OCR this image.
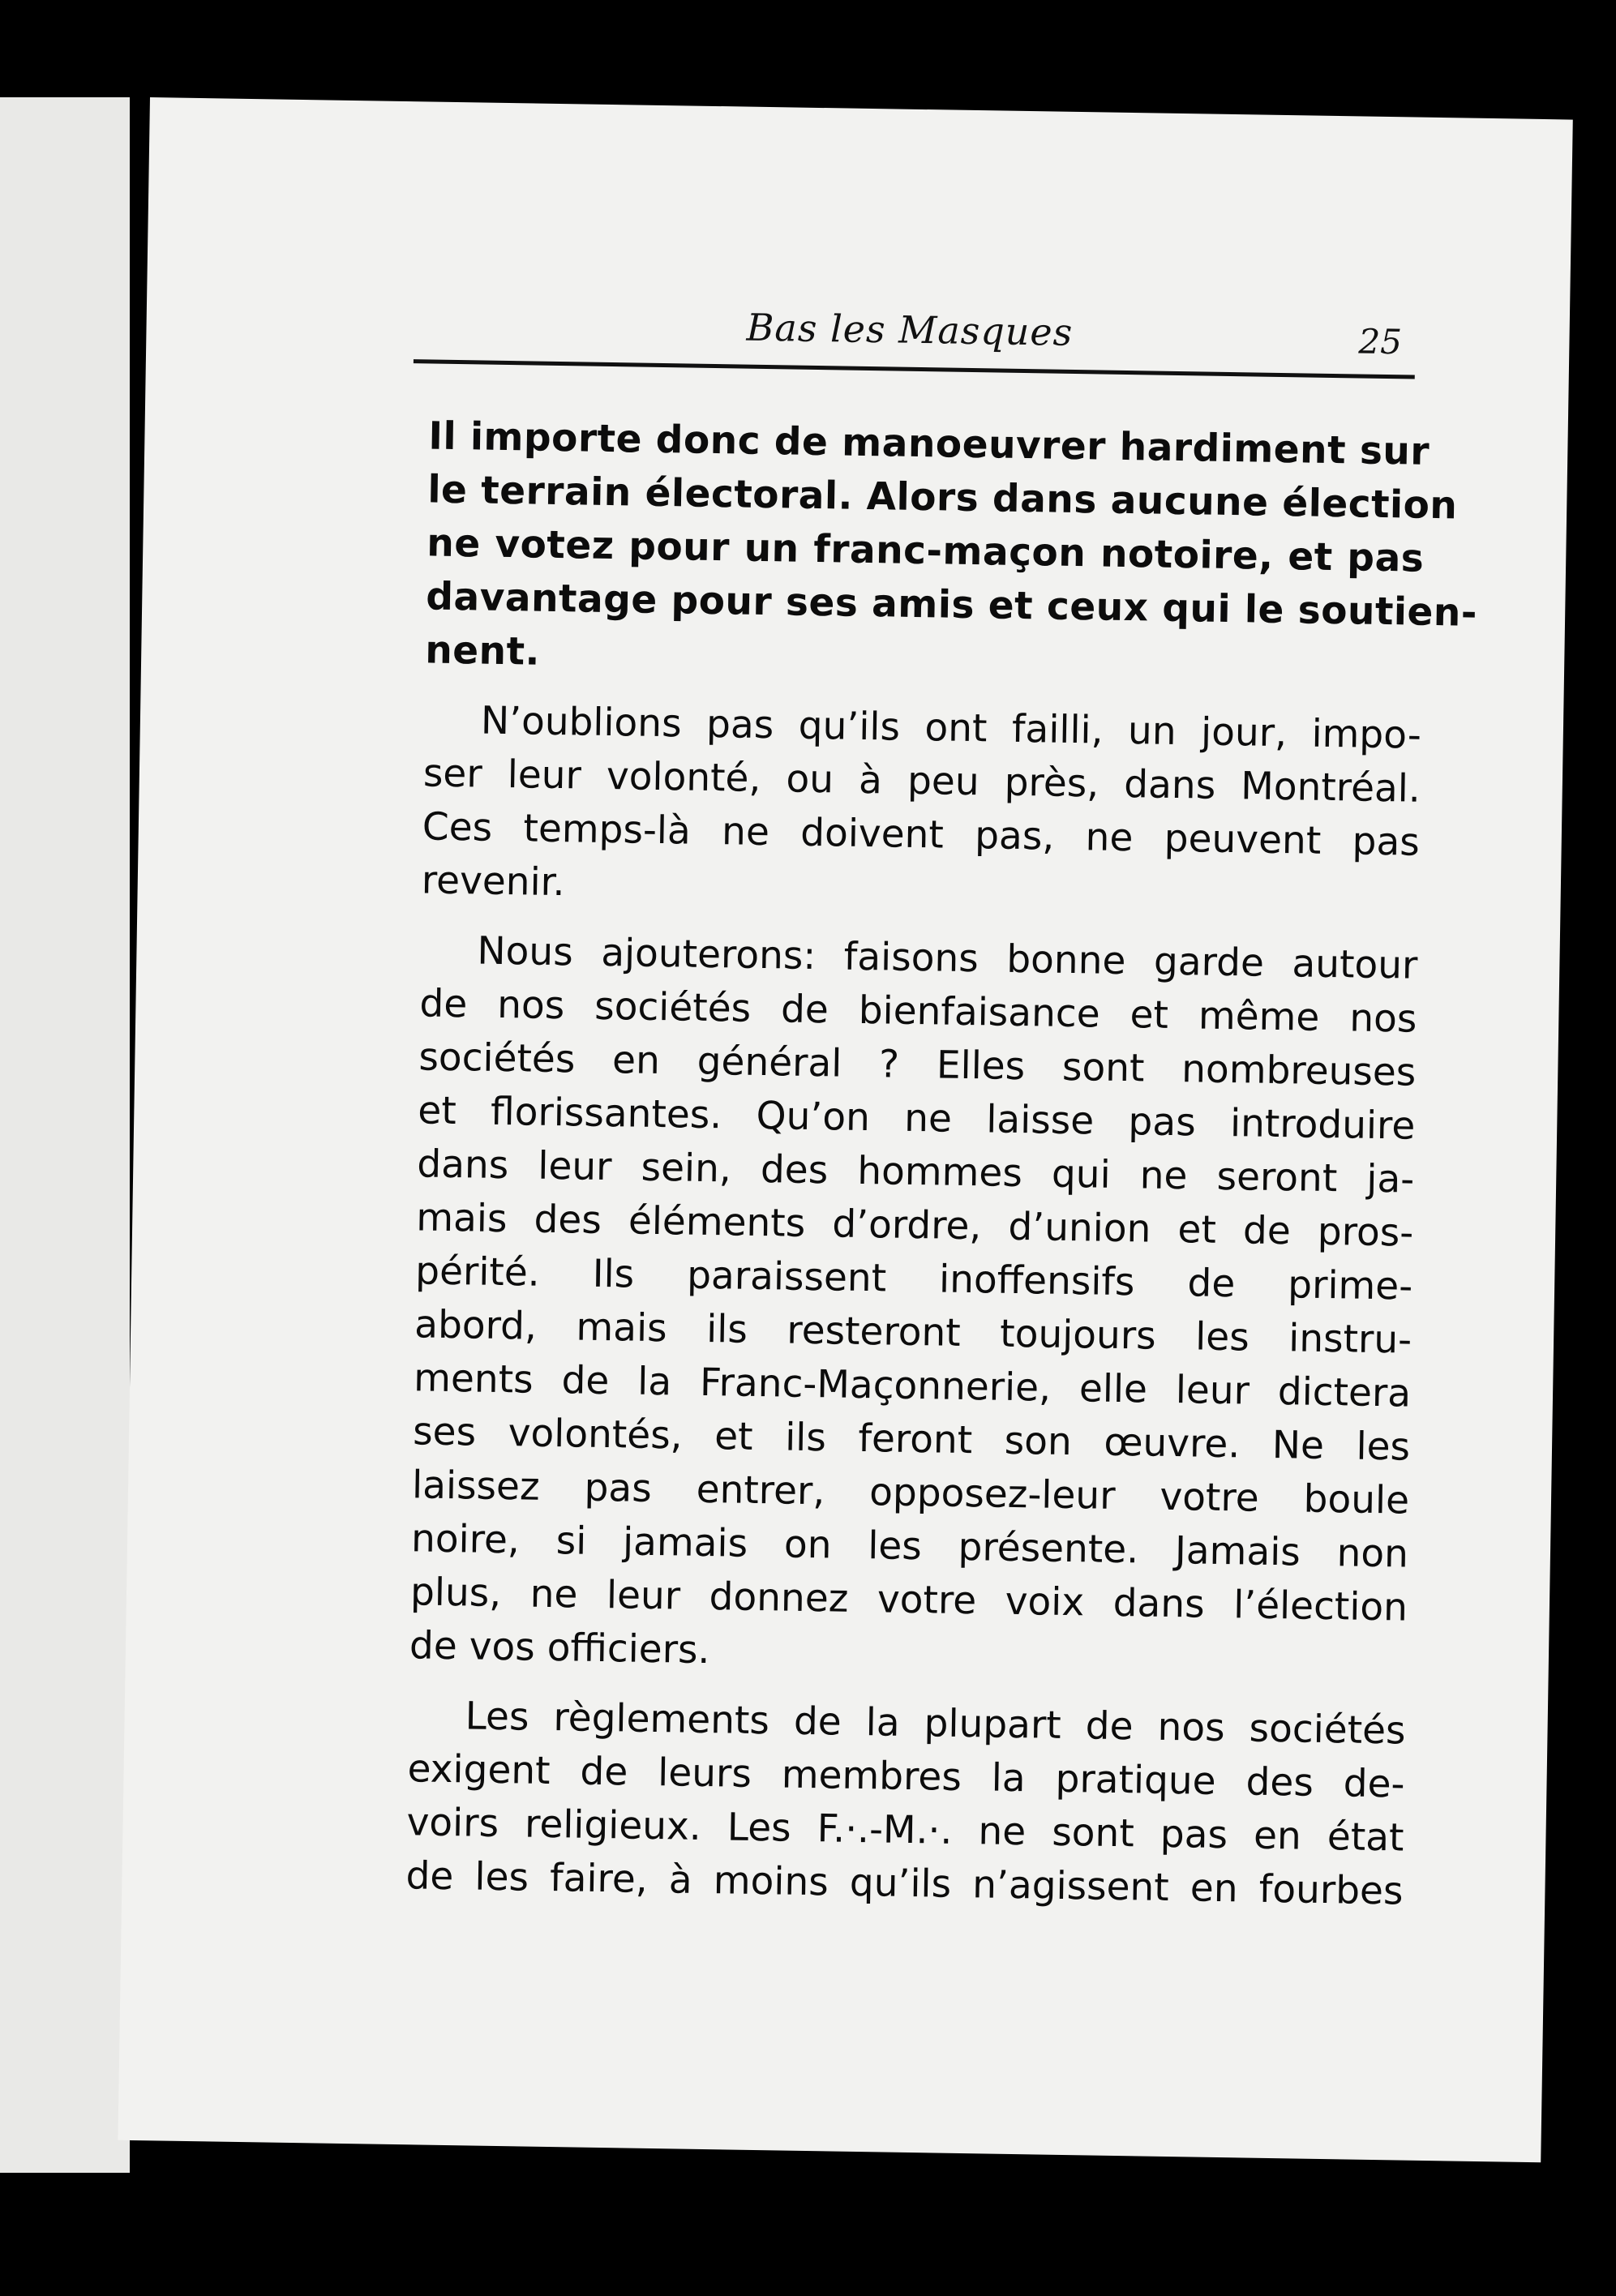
Bas les Masques	25

Il importe donc de manoeuvrer hardiment sur
le terrain électoral. Alors dans aucune élection
ne votez pour un franc-maçon notoire, et pas
davantage pour ses amis et ceux qui le soutien-
nent.

N’oublions pas qu’ils ont failli, un jour, impo-
ser leur volonté, ou à peu près, dans Montréal.
Ces temps-là ne doivent pas, ne peuvent pas
revenir.

Nous ajouterons: faisons bonne garde autour
de nos sociétés de bienfaisance et même nos
sociétés en général ? Elles sont nombreuses
et florissantes. Qu’on ne laisse pas introduire
dans leur sein, des hommes qui ne seront ja-
mais des éléments d’ordre, d’union et de pros-
périté. Ils paraissent inoffensifs de prime-
abord, mais ils resteront toujours les instru-
ments de la Franc-Maçonnerie, elle leur dictera
ses volontés, et ils feront son œuvre. Ne les
laissez pas entrer, opposez-leur votre boule
noire, si jamais on les présente. Jamais non
plus, ne leur donnez votre voix dans l’élection
de vos officiers.

Les règlements de la plupart de nos sociétés
exigent de leurs membres la pratique des de-
voirs religieux. Les F.·.-M.·. ne sont pas en état
de les faire, à moins qu’ils n’agissent en fourbes
